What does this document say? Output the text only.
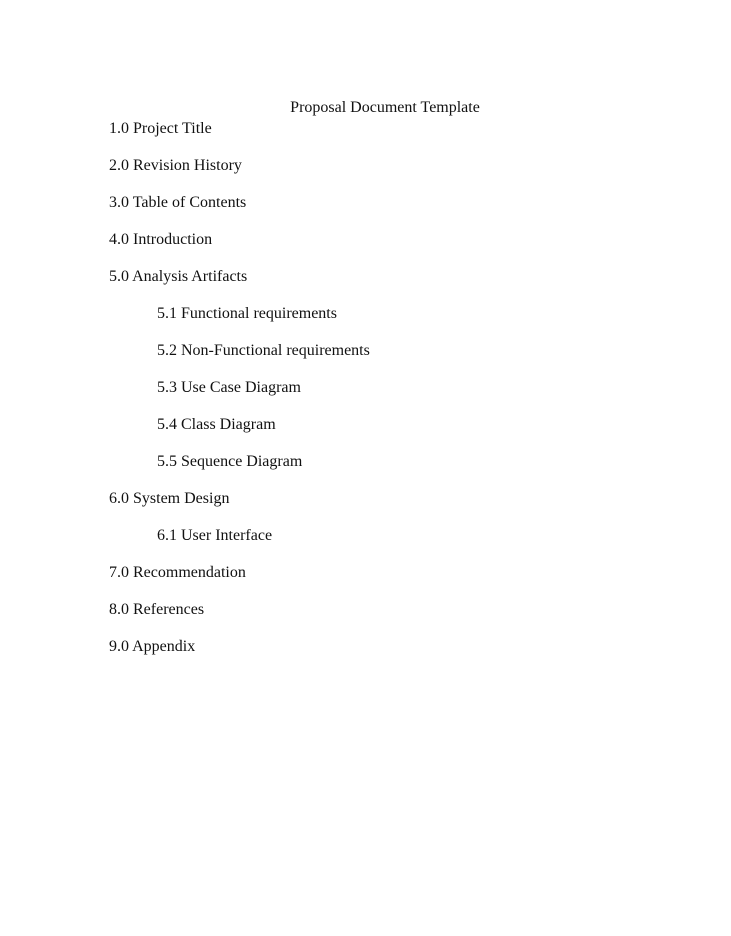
Proposal Document Template
1.0 Project Title
2.0 Revision History
3.0 Table of Contents
4.0 Introduction
5.0 Analysis Artifacts
5.1 Functional requirements
5.2 Non-Functional requirements
5.3 Use Case Diagram
5.4 Class Diagram
5.5 Sequence Diagram
6.0 System Design
6.1 User Interface
7.0 Recommendation
8.0 References
9.0 Appendix
